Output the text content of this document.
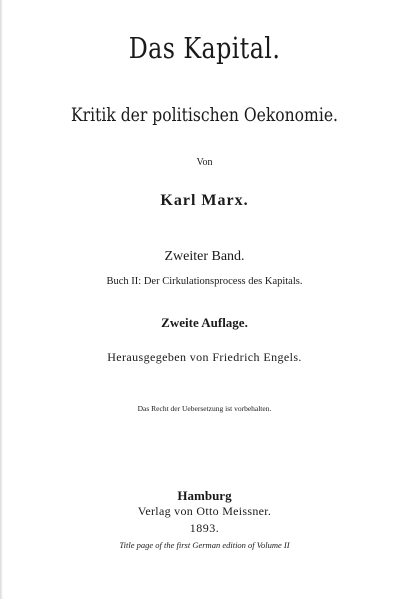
Das Kapital.
Kritik der politischen Oekonomie.
Von
Karl Marx.
Zweiter Band.
Buch II: Der Cirkulationsprocess des Kapitals.
Zweite Auflage.
Herausgegeben von Friedrich Engels.
Das Recht der Uebersetzung ist vorbehalten.
Hamburg
Verlag von Otto Meissner.
1893.
Title page of the first German edition of Volume II
